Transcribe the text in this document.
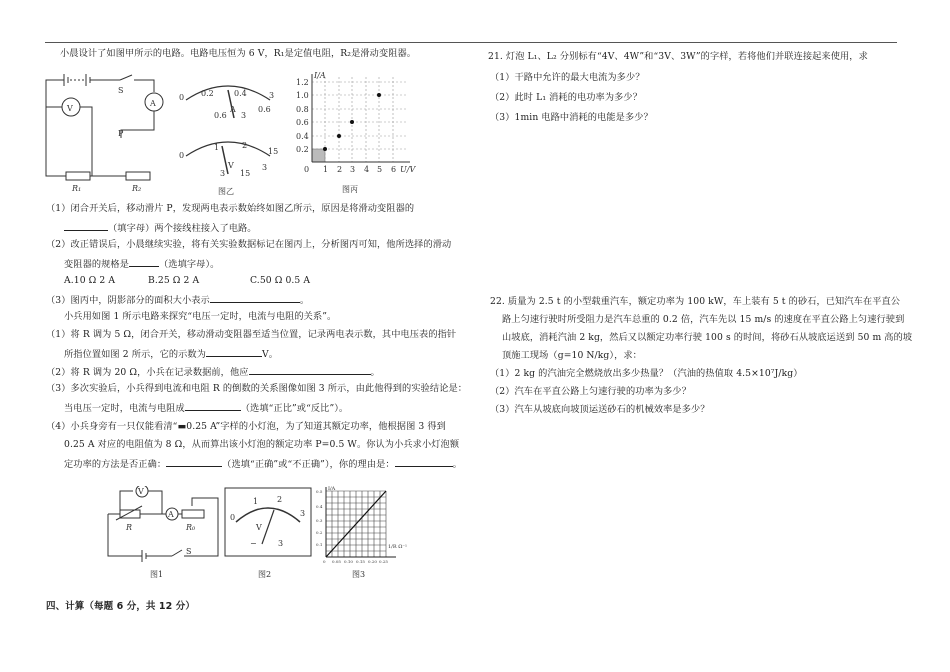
小晨设计了如图甲所示的电路。电路电压恒为 6 V，R₁是定值电阻，R₂是滑动变阻器。
S
V
A
P
R₁	R₂
0 0.2	0.4
0.6
3
A
0.6 3
0
1	2
3
15
V
3 15
图乙
I/A
1.2
1.0
0.8
0.6
0.4
0.2
0 1 2 3 4 5 6 U/V
图丙
（1）闭合开关后，移动滑片 P，发现两电表示数始终如图乙所示，原因是将滑动变阻器的
（填字母）两个接线柱接入了电路。
（2）改正错误后，小晨继续实验，将有关实验数据标记在图丙上，分析图丙可知，他所选择的滑动
变阻器的规格是	（选填字母）。
A.10 Ω 2 A	B.25 Ω 2 A	C.50 Ω 0.5 A
（3）图丙中，阴影部分的面积大小表示	。
小兵用如图 1 所示电路来探究“电压一定时，电流与电阻的关系”。
（1）将 R 调为 5 Ω，闭合开关，移动滑动变阻器至适当位置，记录两电表示数，其中电压表的指针
所指位置如图 2 所示，它的示数为	V。
（2）将 R 调为 20 Ω，小兵在记录数据前，他应	。
（3）多次实验后，小兵得到电流和电阻 R 的倒数的关系图像如图 3 所示，由此他得到的实验结论是：
当电压一定时，电流与电阻成	（选填“正比”或“反比”）。
（4）小兵身旁有一只仅能看清“▬0.25 A”字样的小灯泡，为了知道其额定功率，他根据图 3 得到
0.25 A 对应的电阻值为 8 Ω，从而算出该小灯泡的额定功率 P=0.5 W。你认为小兵求小灯泡额
定功率的方法是否正确：	（选填“正确”或“不正确”），你的理由是：	。
V
R
A
R₀
S
图1
0
1 2
3
V
−	3
图2
I/A
0.5
0.4
0.3
0.2
0.1
0 0.05 0.10 0.15 0.20 0.25
1/R Ω⁻¹
图3
四、计算（每题 6 分，共 12 分）
21. 灯泡 L₁、L₂ 分别标有“4V、4W”和“3V、3W”的字样，若将他们并联连接起来使用，求
（1）干路中允许的最大电流为多少？
（2）此时 L₁ 消耗的电功率为多少？
（3）1min 电路中消耗的电能是多少？
22. 质量为 2.5 t 的小型载重汽车，额定功率为 100 kW，车上装有 5 t 的砂石，已知汽车在平直公
路上匀速行驶时所受阻力是汽车总重的 0.2 倍，汽车先以 15 m/s 的速度在平直公路上匀速行驶到
山坡底，消耗汽油 2 kg，然后又以额定功率行驶 100 s 的时间，将砂石从坡底运送到 50 m 高的坡
顶施工现场（g=10 N/kg），求：
（1）2 kg 的汽油完全燃烧放出多少热量？（汽油的热值取 4.5×10⁷J/kg）
（2）汽车在平直公路上匀速行驶的功率为多少？
（3）汽车从坡底向坡顶运送砂石的机械效率是多少？
